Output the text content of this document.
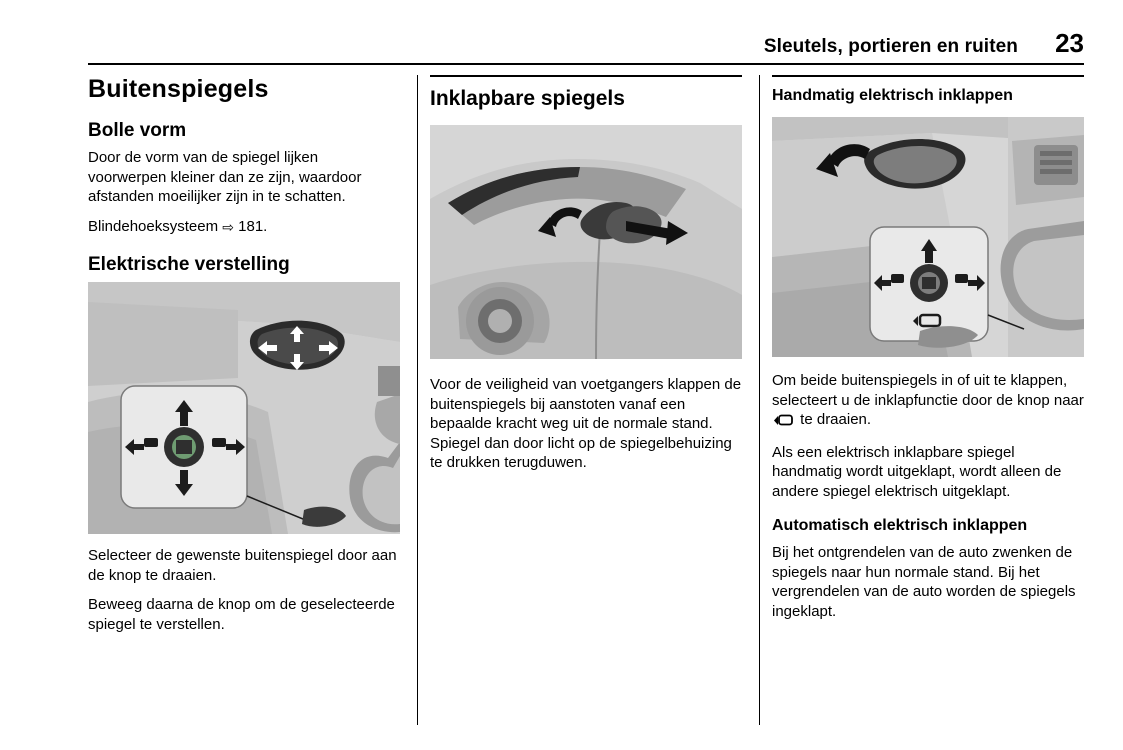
Sleutels, portieren en ruiten	23
Buitenspiegels
Bolle vorm

Door de vorm van de spiegel lijken voorwerpen kleiner dan ze zijn, waardoor afstanden moeilijker zijn in te schatten.

Blindehoeksysteem ⇨ 181.

Elektrische verstelling

Selecteer de gewenste buitenspiegel door aan de knop te draaien.

Beweeg daarna de knop om de geselecteerde spiegel te verstellen.

Inklapbare spiegels

Voor de veiligheid van voetgangers klappen de buitenspiegels bij aanstoten vanaf een bepaalde kracht weg uit de normale stand. Spiegel dan door licht op de spiegelbehuizing te drukken terugduwen.

Handmatig elektrisch inklappen

Om beide buitenspiegels in of uit te klappen, selecteert u de inklapfunctie door de knop naar  te draaien.

Als een elektrisch inklapbare spiegel handmatig wordt uitgeklapt, wordt alleen de andere spiegel elektrisch uitgeklapt.

Automatisch elektrisch inklappen

Bij het ontgrendelen van de auto zwenken de spiegels naar hun normale stand. Bij het vergrendelen van de auto worden de spiegels ingeklapt.
